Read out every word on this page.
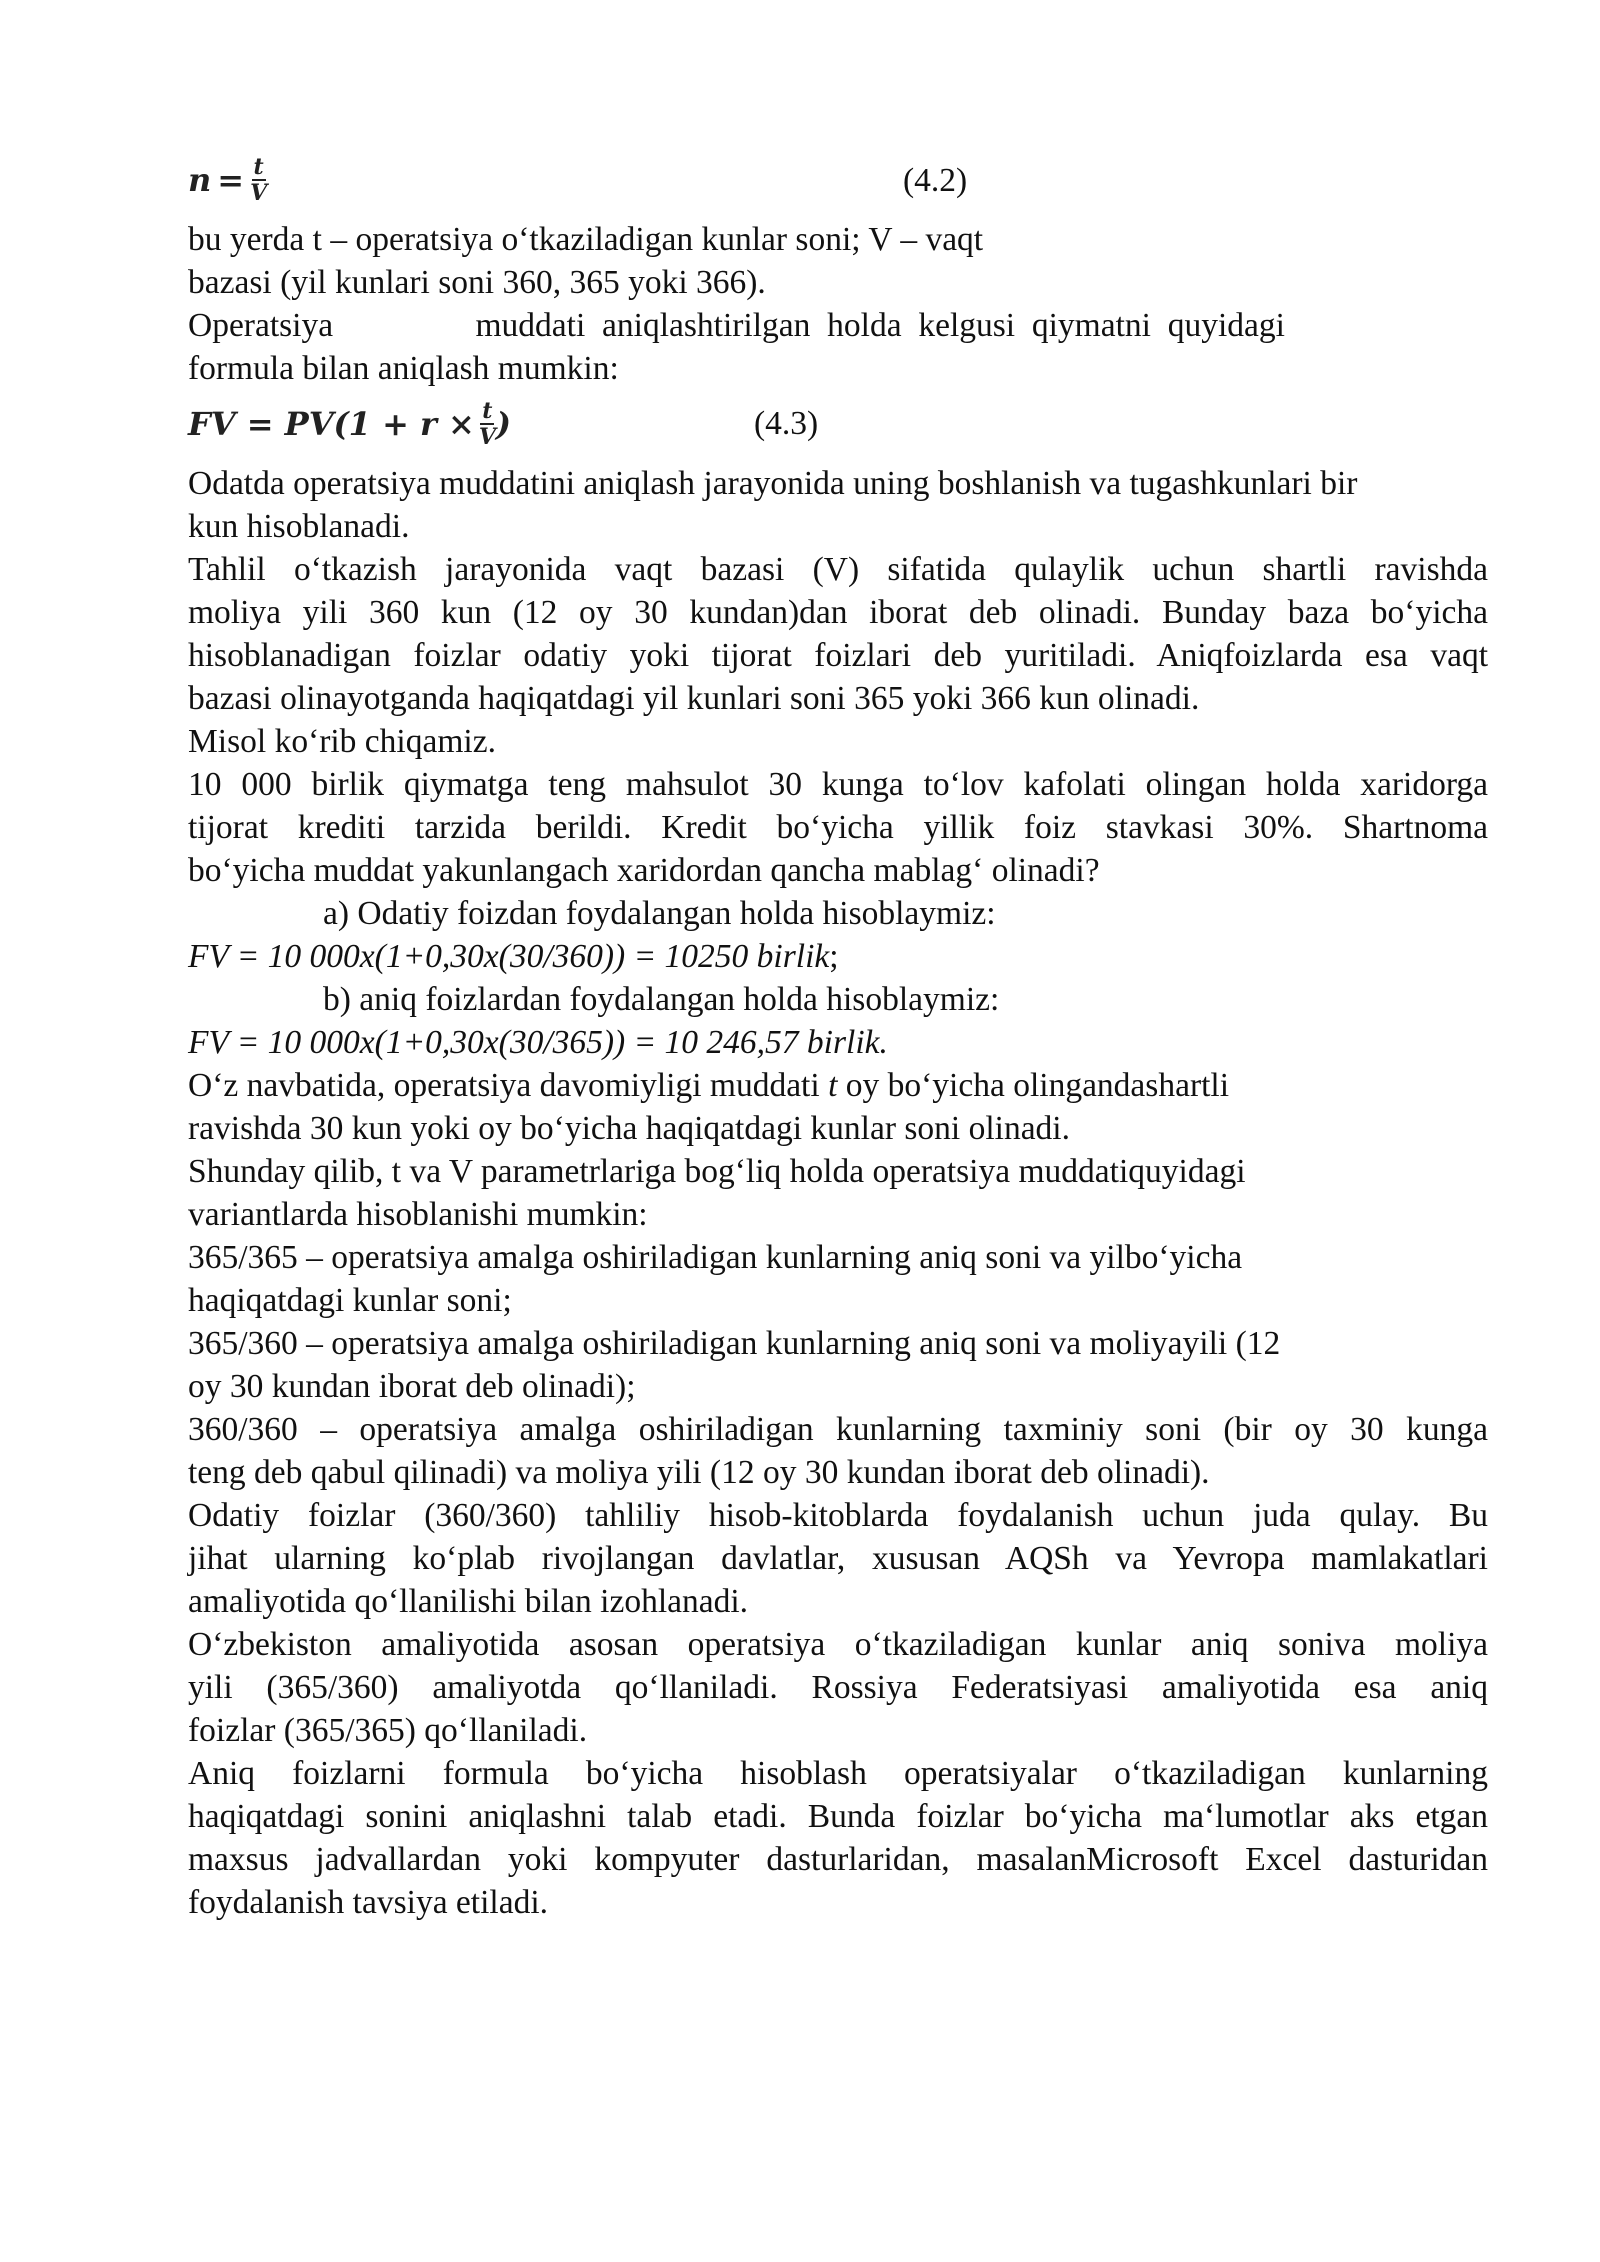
$n = \frac{t}{V}$	(4.2)
bu yerda t – operatsiya o‘tkaziladigan kunlar soni; V – vaqt
bazasi (yil kunlari soni 360, 365 yoki 366).
Operatsiya                 muddati  aniqlashtirilgan  holda  kelgusi  qiymatni  quyidagi
formula bilan aniqlash mumkin:
FV = $PV(1 + r \times \frac{t}{V}$ )	(4.3)
Odatda operatsiya muddatini aniqlash jarayonida uning boshlanish va tugashkunlari bir
kun hisoblanadi.
Tahlil o‘tkazish jarayonida vaqt bazasi (V) sifatida qulaylik uchun shartli ravishda
moliya yili 360 kun (12 oy 30 kundan)dan iborat deb olinadi. Bunday baza bo‘yicha
hisoblanadigan foizlar odatiy yoki tijorat foizlari deb yuritiladi. Aniqfoizlarda esa vaqt
bazasi olinayotganda haqiqatdagi yil kunlari soni 365 yoki 366 kun olinadi.
Misol ko‘rib chiqamiz.
10 000 birlik qiymatga teng mahsulot 30 kunga to‘lov kafolati olingan holda xaridorga
tijorat krediti tarzida berildi. Kredit bo‘yicha yillik foiz stavkasi 30%. Shartnoma
bo‘yicha muddat yakunlangach xaridordan qancha mablag‘ olinadi?
a) Odatiy foizdan foydalangan holda hisoblaymiz:
FV = 10 000x(1+0,30x(30/360)) = 10250 birlik;
b) aniq foizlardan foydalangan holda hisoblaymiz:
FV = 10 000x(1+0,30x(30/365)) = 10 246,57 birlik.
O‘z navbatida, operatsiya davomiyligi muddati t oy bo‘yicha olingandashartli
ravishda 30 kun yoki oy bo‘yicha haqiqatdagi kunlar soni olinadi.
Shunday qilib, t va V parametrlariga bog‘liq holda operatsiya muddatiquyidagi
variantlarda hisoblanishi mumkin:
365/365 – operatsiya amalga oshiriladigan kunlarning aniq soni va yilbo‘yicha
haqiqatdagi kunlar soni;
365/360 – operatsiya amalga oshiriladigan kunlarning aniq soni va moliyayili (12
oy 30 kundan iborat deb olinadi);
360/360 – operatsiya amalga oshiriladigan kunlarning taxminiy soni (bir oy 30 kunga
teng deb qabul qilinadi) va moliya yili (12 oy 30 kundan iborat deb olinadi).
Odatiy foizlar (360/360) tahliliy hisob-kitoblarda foydalanish uchun juda qulay. Bu
jihat ularning ko‘plab rivojlangan davlatlar, xususan AQSh va Yevropa mamlakatlari
amaliyotida qo‘llanilishi bilan izohlanadi.
O‘zbekiston amaliyotida asosan operatsiya o‘tkaziladigan kunlar aniq soniva moliya
yili (365/360) amaliyotda qo‘llaniladi. Rossiya Federatsiyasi amaliyotida esa aniq
foizlar (365/365) qo‘llaniladi.
Aniq foizlarni formula bo‘yicha hisoblash operatsiyalar o‘tkaziladigan kunlarning
haqiqatdagi sonini aniqlashni talab etadi. Bunda foizlar bo‘yicha ma‘lumotlar aks etgan
maxsus jadvallardan yoki kompyuter dasturlaridan, masalanMicrosoft Excel dasturidan
foydalanish tavsiya etiladi.
